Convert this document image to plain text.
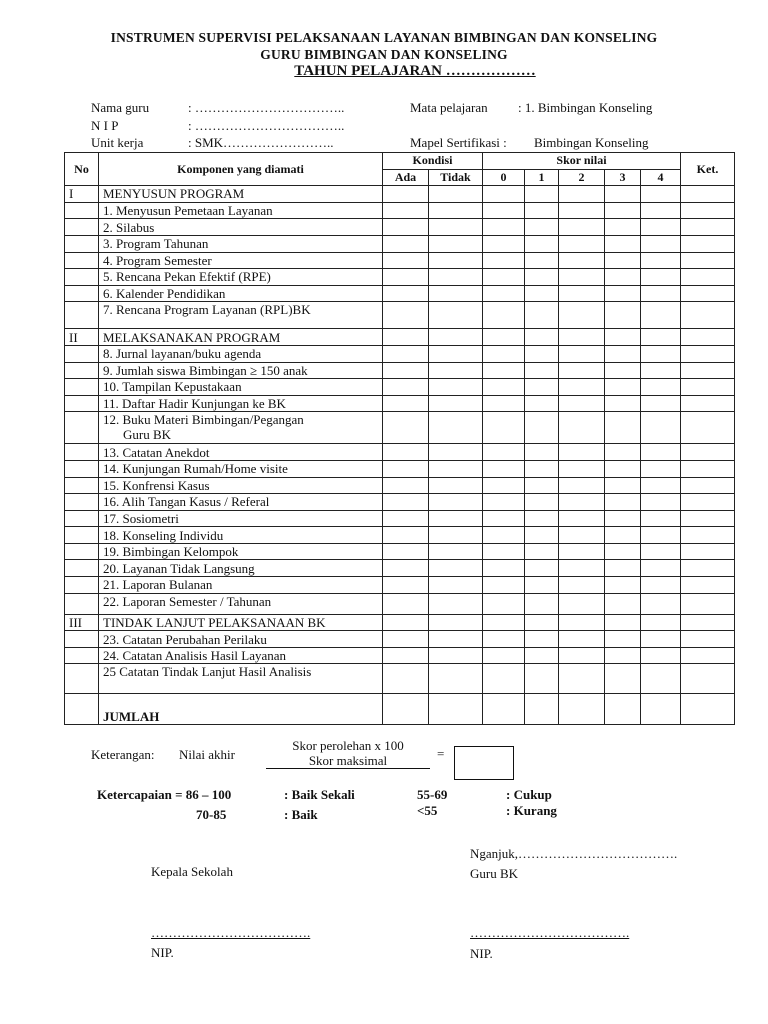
INSTRUMEN SUPERVISI PELAKSANAAN LAYANAN BIMBINGAN DAN KONSELING
GURU BIMBINGAN DAN KONSELING
TAHUN PELAJARAN ………………
Nama guru	: ……………………………..
N I P	: ……………………………..
Unit kerja	: SMK……………………..
Mata pelajaran : 1. Bimbingan Konseling
Mapel Sertifikasi : Bimbingan Konseling
No	Komponen yang diamati	Kondisi		Skor nilai					Ket.
		Ada	Tidak	0	1	2	3	4	
I	MENYUSUN PROGRAM								
	1. Menyusun Pemetaan Layanan								
	2. Silabus								
	3. Program Tahunan								
	4. Program Semester								
	5. Rencana Pekan Efektif (RPE)								
	6. Kalender Pendidikan								
	7. Rencana Program Layanan (RPL)BK								
II	MELAKSANAKAN PROGRAM								
	8. Jurnal layanan/buku agenda								
	9. Jumlah siswa Bimbingan ≥ 150 anak								
	10. Tampilan Kepustakaan								
	11. Daftar Hadir Kunjungan ke BK								

	12. Buku Materi Bimbingan/Pegangan
Guru BK								

	13. Catatan Anekdot								
	14. Kunjungan Rumah/Home visite								
	15. Konfrensi Kasus								
	16. Alih Tangan Kasus / Referal								
	17. Sosiometri								
	18. Konseling Individu								
	19. Bimbingan Kelompok								
	20. Layanan Tidak Langsung								
	21. Laporan Bulanan								
	22. Laporan Semester / Tahunan								
III	TINDAK LANJUT PELAKSANAAN BK								
	23. Catatan Perubahan Perilaku								
	24. Catatan Analisis Hasil Layanan								
	25 Catatan Tindak Lanjut Hasil Analisis								
	JUMLAH								
Keterangan: Nilai akhir
Skor perolehan x 100
Skor maksimal	=
Ketercapaian = 86 – 100	: Baik Sekali
70-85	: Baik
55-69	: Cukup
<55	: Kurang
Nganjuk,……………………………….
Kepala Sekolah	Guru BK
……………………………….	……………………………….
NIP.	NIP.
